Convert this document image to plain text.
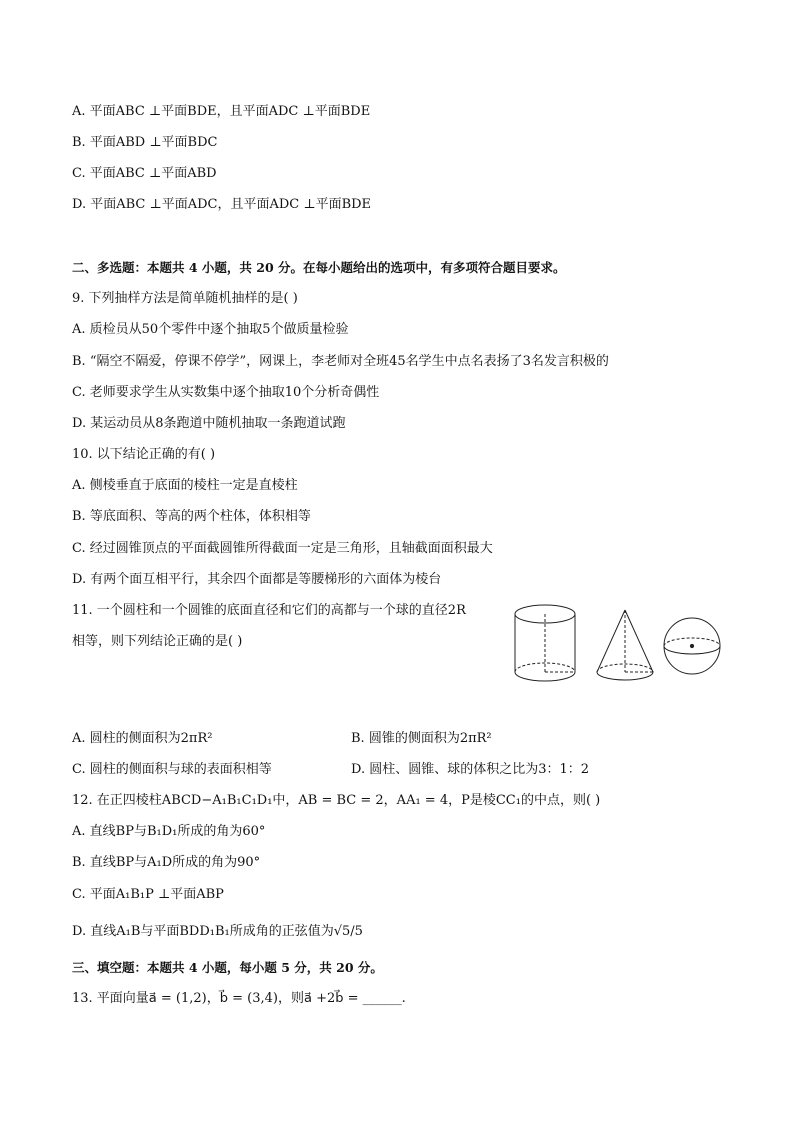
A. 平面ABC ⊥平面BDE，且平面ADC ⊥平面BDE
B. 平面ABD ⊥平面BDC
C. 平面ABC ⊥平面ABD
D. 平面ABC ⊥平面ADC，且平面ADC ⊥平面BDE
二、多选题：本题共 4 小题，共 20 分。在每小题给出的选项中，有多项符合题目要求。
9. 下列抽样方法是简单随机抽样的是( )
A. 质检员从50个零件中逐个抽取5个做质量检验
B. “隔空不隔爱，停课不停学”，网课上，李老师对全班45名学生中点名表扬了3名发言积极的
C. 老师要求学生从实数集中逐个抽取10个分析奇偶性
D. 某运动员从8条跑道中随机抽取一条跑道试跑
10. 以下结论正确的有( )
A. 侧棱垂直于底面的棱柱一定是直棱柱
B. 等底面积、等高的两个柱体，体积相等
C. 经过圆锥顶点的平面截圆锥所得截面一定是三角形，且轴截面面积最大
D. 有两个面互相平行，其余四个面都是等腰梯形的六面体为棱台
11. 一个圆柱和一个圆锥的底面直径和它们的高都与一个球的直径2R
相等，则下列结论正确的是( )
A. 圆柱的侧面积为2πR²	B. 圆锥的侧面积为2πR²
C. 圆柱的侧面积与球的表面积相等	D. 圆柱、圆锥、球的体积之比为3：1：2
12. 在正四棱柱ABCD−A₁B₁C₁D₁中，AB = BC = 2，AA₁ = 4，P是棱CC₁的中点，则( )
A. 直线BP与B₁D₁所成的角为60°
B. 直线BP与A₁D所成的角为90°
C. 平面A₁B₁P ⊥平面ABP
D. 直线A₁B与平面BDD₁B₁所成角的正弦值为√5/5
三、填空题：本题共 4 小题，每小题 5 分，共 20 分。
13. 平面向量a⃗ = (1,2)，b⃗ = (3,4)，则a⃗ +2b⃗ = ______.
